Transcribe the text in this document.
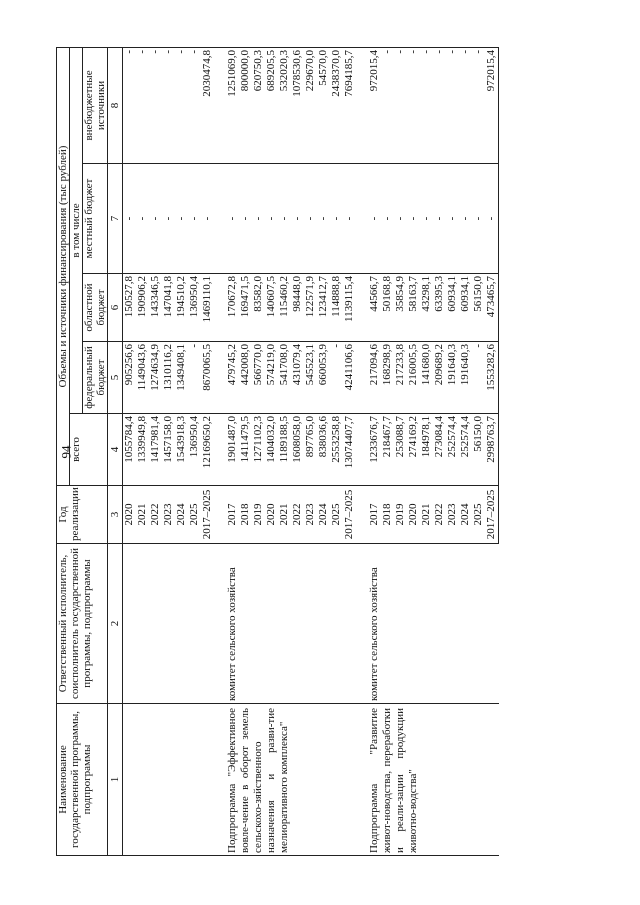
94
Наименование государственной программы, подпрограммы	Ответственный исполнитель, соисполнитель государственной программы, подпрограммы	Год реализации	Объемы и источники финансирования (тыс рублей)				
			всего	в том числе			
				федеральный бюджет	областной бюджет	местный бюджет	внебюджетные источники
1	2	3	4	5	6	7	8
		2020	1055784,4	905256,6	150527,8	-	-
		2021	1339949,8	1149043,6	190906,2	-	-
		2022	1417981,4	1274634,9	143346,5	-	-
		2023	1457158,0	1310116,2	147041,8	-	-
		2024	1543918,3	1349408,1	194510,2	-	-
		2025	136950,4	-	136950,4	-	-
		2017–2025	12169650,2	8670065,5	1469110,1	-	2030474,8
Подпрограмма "Эффективное вовле-чение в оборот земель сельскохо-зяйственного назначения и разви-тие мелиоративного комплекса"	комитет сельского хозяйства	2017	1901487,0	479745,2	170672,8	-	1251069,0
		2018	1411479,5	442008,0	169471,5	-	800000,0
		2019	1271102,3	566770,0	83582,0	-	620750,3
		2020	1404032,0	574219,0	140607,5	-	689205,5
		2021	1189188,5	541708,0	115460,2	-	532020,3
		2022	1608058,0	431079,4	98448,0	-	1078530,6
		2023	897765,0	545523,1	122571,9	-	229670,0
		2024	838036,6	660053,9	123412,7	-	54570,0
		2025	2553258,8	-	114888,8	-	2438370,0
		2017–2025	13074407,7	4241106,6	1139115,4	-	7694185,7
Подпрограмма "Развитие живот-новодства, переработки и реали-зации продукции животно-водства"	комитет сельского хозяйства	2017	1233676,7	217094,6	44566,7	-	972015,4
		2018	218467,7	168298,9	50168,8	-	-
		2019	253088,7	217233,8	35854,9	-	-
		2020	274169,2	216005,5	58163,7	-	-
		2021	184978,1	141680,0	43298,1	-	-
		2022	273084,4	209689,2	63395,3	-	-
		2023	252574,4	191640,3	60934,1	-	-
		2024	252574,4	191640,3	60934,1	-	-
		2025	56150,0	-	56150,0	-	-
		2017–2025	2998763,7	1553282,6	473465,7	-	972015,4
